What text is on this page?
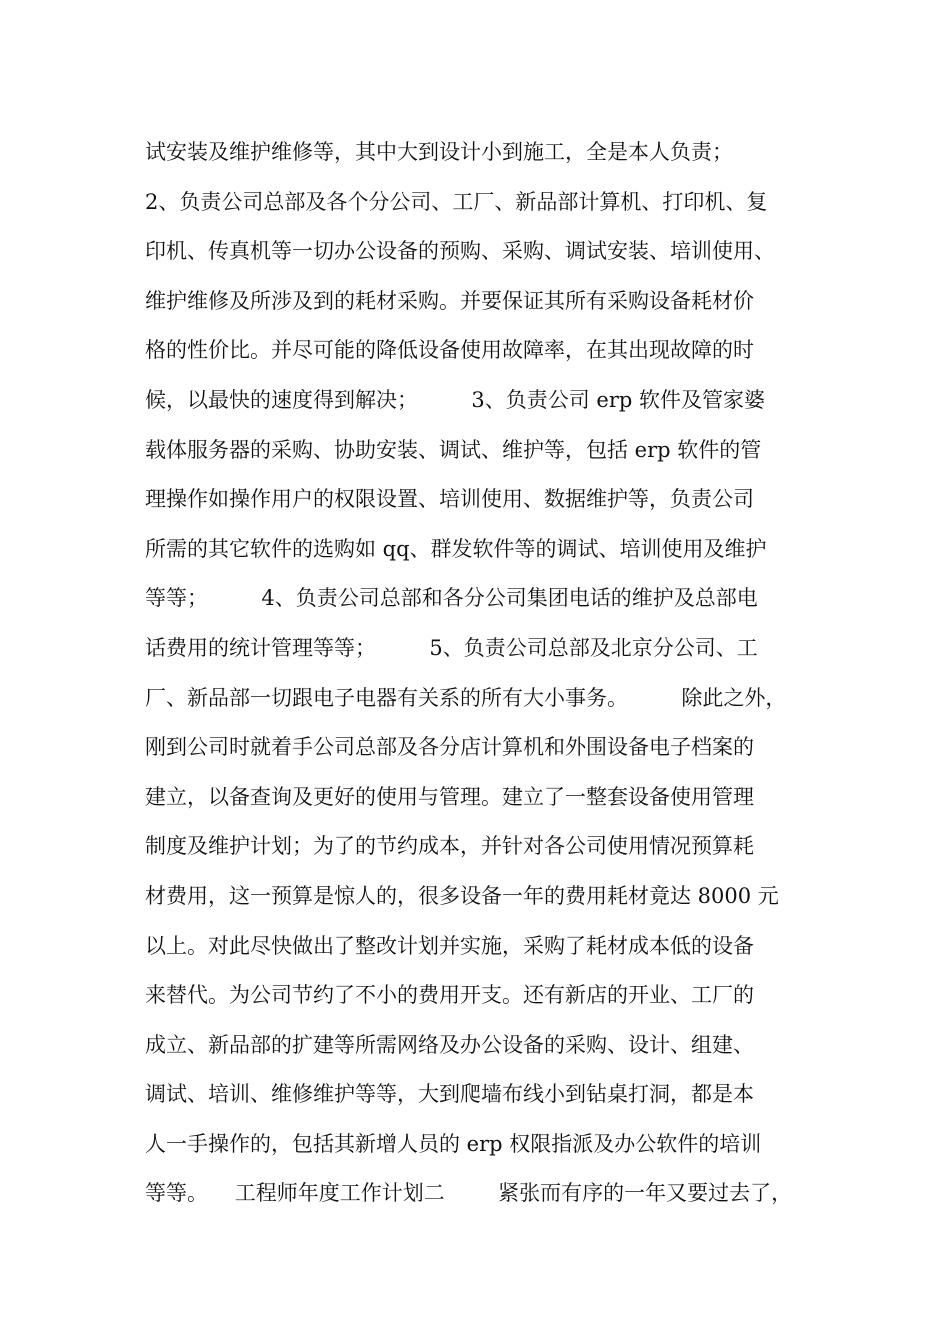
试安装及维护维修等，其中大到设计小到施工，全是本人负责；
2、负责公司总部及各个分公司、工厂、新品部计算机、打印机、复
印机、传真机等一切办公设备的预购、采购、调试安装、培训使用、
维护维修及所涉及到的耗材采购。并要保证其所有采购设备耗材价
格的性价比。并尽可能的降低设备使用故障率，在其出现故障的时
候，以最快的速度得到解决；        3、负责公司 erp 软件及管家婆
载体服务器的采购、协助安装、调试、维护等，包括 erp 软件的管
理操作如操作用户的权限设置、培训使用、数据维护等，负责公司
所需的其它软件的选购如 qq、群发软件等的调试、培训使用及维护
等等；        4、负责公司总部和各分公司集团电话的维护及总部电
话费用的统计管理等等；        5、负责公司总部及北京分公司、工
厂、新品部一切跟电子电器有关系的所有大小事务。        除此之外，
刚到公司时就着手公司总部及各分店计算机和外围设备电子档案的
建立，以备查询及更好的使用与管理。建立了一整套设备使用管理
制度及维护计划；为了的节约成本，并针对各公司使用情况预算耗
材费用，这一预算是惊人的，很多设备一年的费用耗材竟达 8000 元
以上。对此尽快做出了整改计划并实施，采购了耗材成本低的设备
来替代。为公司节约了不小的费用开支。还有新店的开业、工厂的
成立、新品部的扩建等所需网络及办公设备的采购、设计、组建、
调试、培训、维修维护等等，大到爬墙布线小到钻桌打洞，都是本
人一手操作的，包括其新增人员的 erp 权限指派及办公软件的培训
等等。    工程师年度工作计划二        紧张而有序的一年又要过去了，
